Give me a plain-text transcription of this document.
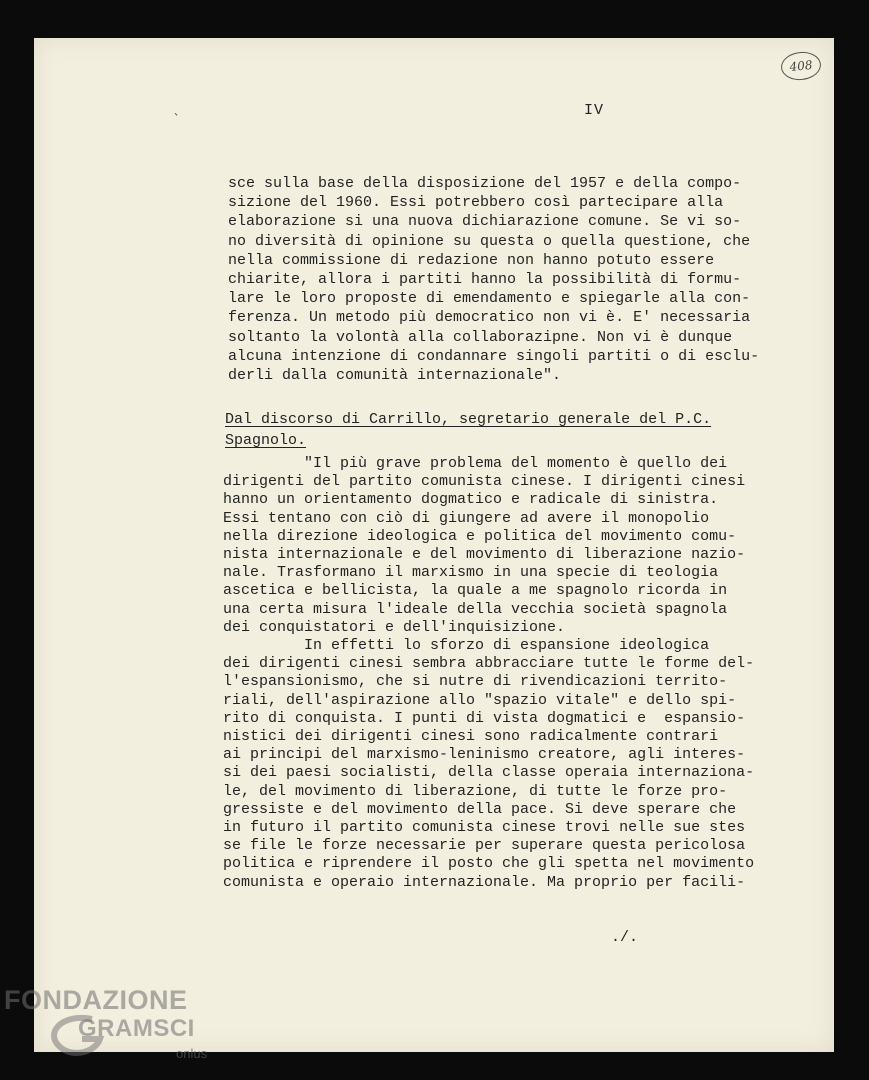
408
`	IV

sce sulla base della disposizione del 1957 e della compo-
sizione del 1960. Essi potrebbero così partecipare alla
elaborazione si una nuova dichiarazione comune. Se vi so-
no diversità di opinione su questa o quella questione, che
nella commissione di redazione non hanno potuto essere
chiarite, allora i partiti hanno la possibilità di formu-
lare le loro proposte di emendamento e spiegarle alla con-
ferenza. Un metodo più democratico non vi è. E' necessaria
soltanto la volontà alla collaborazipne. Non vi è dunque
alcuna intenzione di condannare singoli partiti o di esclu-
derli dalla comunità internazionale".

Dal discorso di Carrillo, segretario generale del P.C.
Spagnolo.

"Il più grave problema del momento è quello dei
dirigenti del partito comunista cinese. I dirigenti cinesi
hanno un orientamento dogmatico e radicale di sinistra.
Essi tentano con ciò di giungere ad avere il monopolio
nella direzione ideologica e politica del movimento comu-
nista internazionale e del movimento di liberazione nazio-
nale. Trasformano il marxismo in una specie di teologia
ascetica e bellicista, la quale a me spagnolo ricorda in
una certa misura l'ideale della vecchia società spagnola
dei conquistatori e dell'inquisizione.
In effetti lo sforzo di espansione ideologica
dei dirigenti cinesi sembra abbracciare tutte le forme del-
l'espansionismo, che si nutre di rivendicazioni territo-
riali, dell'aspirazione allo "spazio vitale" e dello spi-
rito di conquista. I punti di vista dogmatici e  espansio-
nistici dei dirigenti cinesi sono radicalmente contrari
ai principi del marxismo-leninismo creatore, agli interes-
si dei paesi socialisti, della classe operaia internaziona-
le, del movimento di liberazione, di tutte le forze pro-
gressiste e del movimento della pace. Si deve sperare che
in futuro il partito comunista cinese trovi nelle sue stes
se file le forze necessarie per superare questa pericolosa
politica e riprendere il posto che gli spetta nel movimento
comunista e operaio internazionale. Ma proprio per facili-

./.
FONDAZIONE
GRAMSCI
onlus
